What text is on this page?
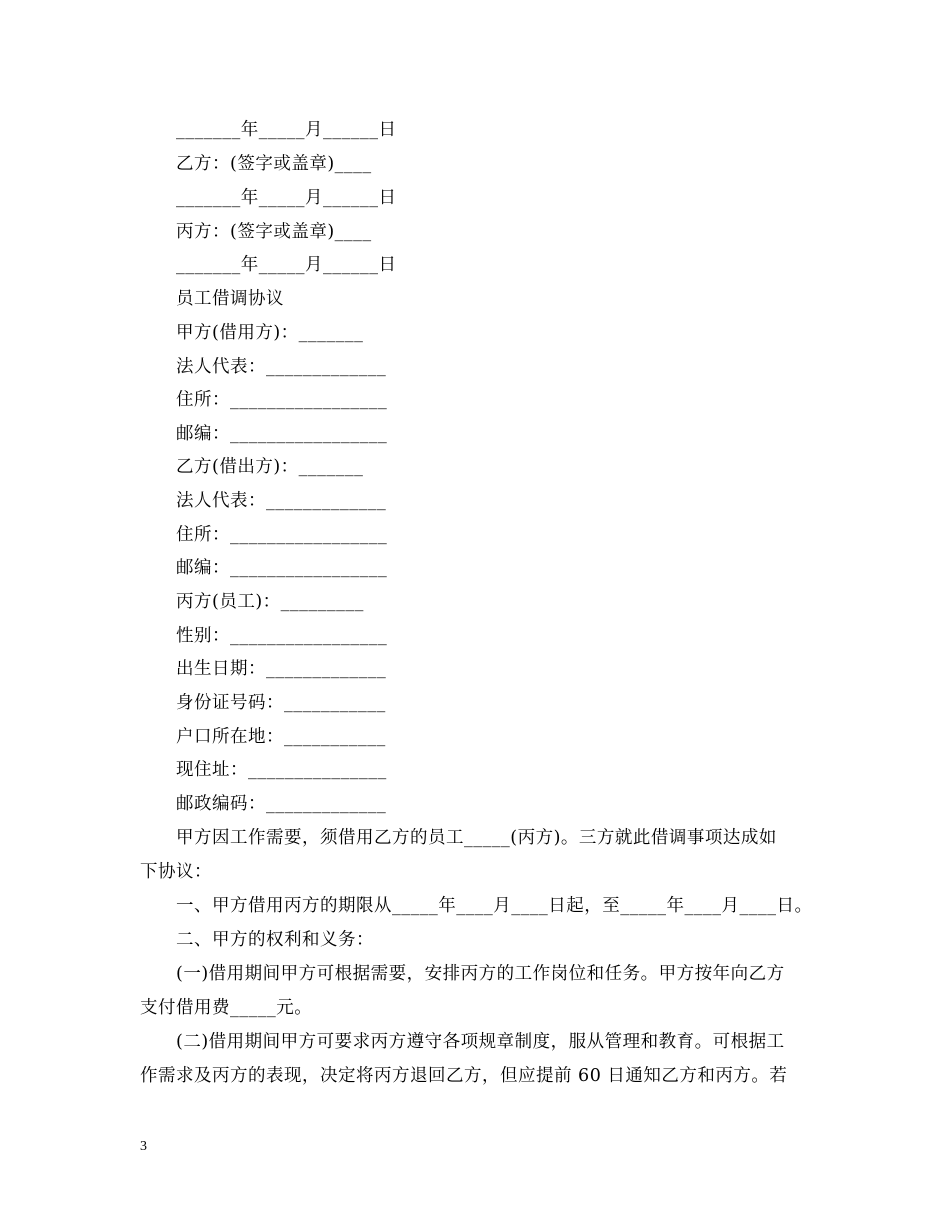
_______年_____月______日
乙方：(签字或盖章)____
_______年_____月______日
丙方：(签字或盖章)____
_______年_____月______日
员工借调协议
甲方(借用方)：_______
法人代表：_____________
住所：_________________
邮编：_________________
乙方(借出方)：_______
法人代表：_____________
住所：_________________
邮编：_________________
丙方(员工)：_________
性别：_________________
出生日期：_____________
身份证号码：___________
户口所在地：___________
现住址：_______________
邮政编码：_____________
　　甲方因工作需要，须借用乙方的员工_____(丙方)。三方就此借调事项达成如
下协议：
　　一、甲方借用丙方的期限从_____年____月____日起，至_____年____月____日。
　　二、甲方的权利和义务：
　　(一)借用期间甲方可根据需要，安排丙方的工作岗位和任务。甲方按年向乙方
支付借用费_____元。
　　(二)借用期间甲方可要求丙方遵守各项规章制度，服从管理和教育。可根据工
作需求及丙方的表现，决定将丙方退回乙方，但应提前 60 日通知乙方和丙方。若
3
